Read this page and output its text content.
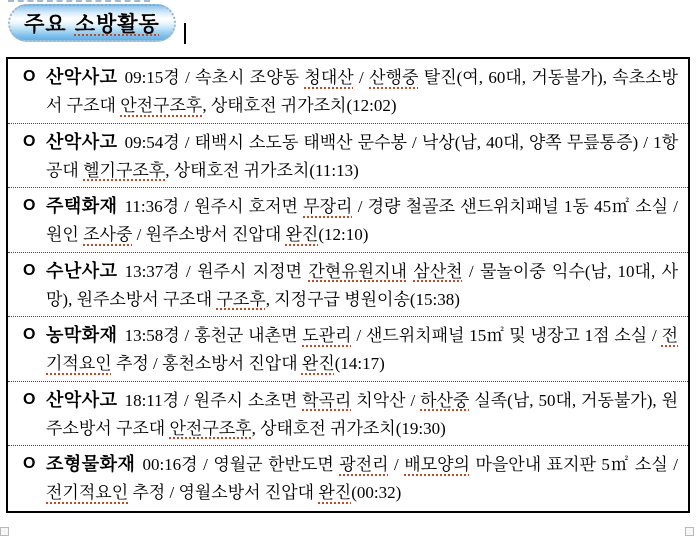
주요 소방활동
O 산악사고 09:15경 / 속초시 조양동 청대산 / 산행중 탈진(여, 60대, 거동불가), 속초소방서 구조대 안전구조후, 상태호전 귀가조치(12:02)
O 산악사고 09:54경 / 태백시 소도동 태백산 문수봉 / 낙상(남, 40대, 양쪽 무릎통증) / 1항공대 헬기구조후, 상태호전 귀가조치(11:13)
O 주택화재 11:36경 / 원주시 호저면 무장리 / 경량 철골조 샌드위치패널 1동 45㎡ 소실 / 원인 조사중 / 원주소방서 진압대 완진(12:10)
O 수난사고 13:37경 / 원주시 지정면 간현유원지내 삼산천 / 물놀이중 익수(남, 10대, 사망), 원주소방서 구조대 구조후, 지정구급 병원이송(15:38)
O 농막화재 13:58경 / 홍천군 내촌면 도관리 / 샌드위치패널 15㎡ 및 냉장고 1점 소실 / 전기적요인 추정 / 홍천소방서 진압대 완진(14:17)
O 산악사고 18:11경 / 원주시 소초면 학곡리 치악산 / 하산중 실족(남, 50대, 거동불가), 원주소방서 구조대 안전구조후, 상태호전 귀가조치(19:30)
O 조형물화재 00:16경 / 영월군 한반도면 광전리 / 배모양의 마을안내 표지판 5㎡ 소실 / 전기적요인 추정 / 영월소방서 진압대 완진(00:32)
